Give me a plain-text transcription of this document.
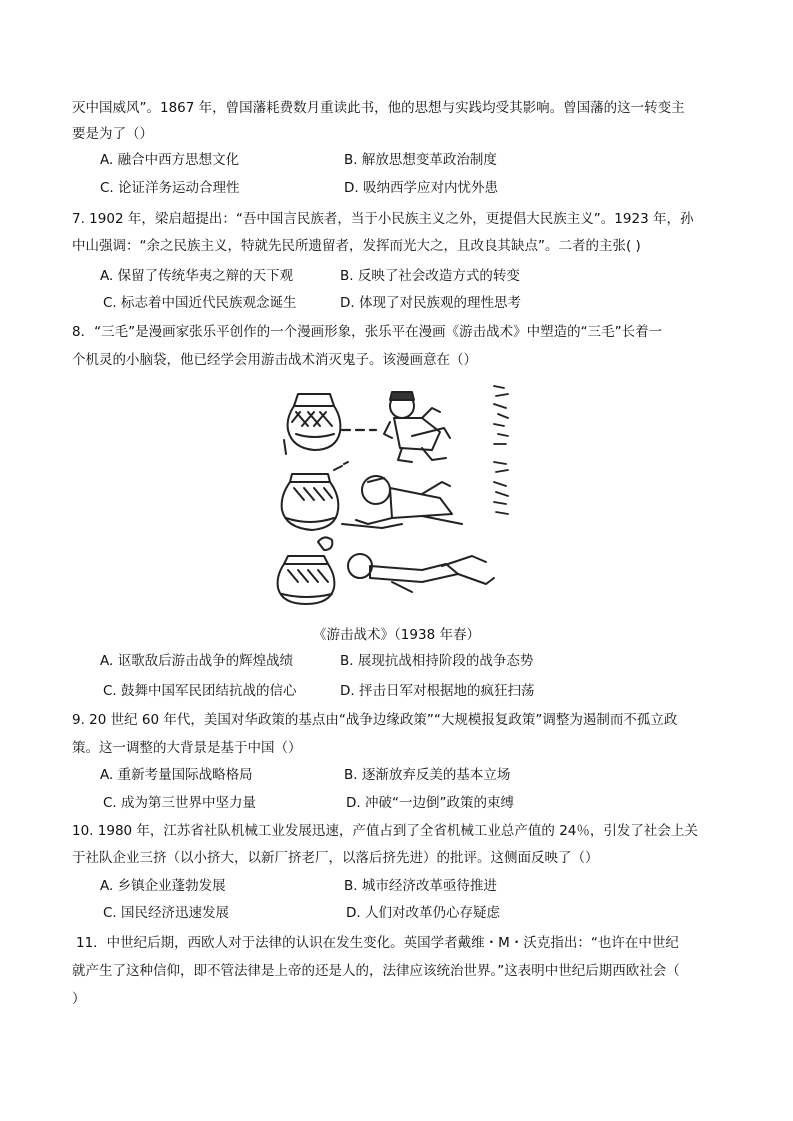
灭中国威风”。1867 年，曾国藩耗费数月重读此书，他的思想与实践均受其影响。曾国藩的这一转变主
要是为了（）
A. 融合中西方思想文化	B. 解放思想变革政治制度
C. 论证洋务运动合理性	D. 吸纳西学应对内忧外患
7. 1902 年，梁启超提出：“吾中国言民族者，当于小民族主义之外，更提倡大民族主义”。1923 年，孙
中山强调：“余之民族主义，特就先民所遗留者，发挥而光大之，且改良其缺点”。二者的主张( )
A. 保留了传统华夷之辩的天下观	B. 反映了社会改造方式的转变
C. 标志着中国近代民族观念诞生	D. 体现了对民族观的理性思考
8．“三毛”是漫画家张乐平创作的一个漫画形象，张乐平在漫画《游击战术》中塑造的“三毛”长着一
个机灵的小脑袋，他已经学会用游击战术消灭鬼子。该漫画意在（）
《游击战术》（1938 年春）
A. 讴歌敌后游击战争的辉煌战绩	B. 展现抗战相持阶段的战争态势
C. 鼓舞中国军民团结抗战的信心	D. 抨击日军对根据地的疯狂扫荡
9. 20 世纪 60 年代，美国对华政策的基点由“战争边缘政策”“大规模报复政策”调整为遏制而不孤立政
策。这一调整的大背景是基于中国（）
A. 重新考量国际战略格局	B. 逐渐放弃反美的基本立场
C. 成为第三世界中坚力量	D. 冲破“一边倒”政策的束缚
10. 1980 年，江苏省社队机械工业发展迅速，产值占到了全省机械工业总产值的 24％，引发了社会上关
于社队企业三挤（以小挤大，以新厂挤老厂，以落后挤先进）的批评。这侧面反映了（）
A. 乡镇企业蓬勃发展	B. 城市经济改革亟待推进
C. 国民经济迅速发展	D. 人们对改革仍心存疑虑
11．中世纪后期，西欧人对于法律的认识在发生变化。英国学者戴维・M・沃克指出：“也许在中世纪
就产生了这种信仰，即不管法律是上帝的还是人的，法律应该统治世界。”这表明中世纪后期西欧社会（
）
